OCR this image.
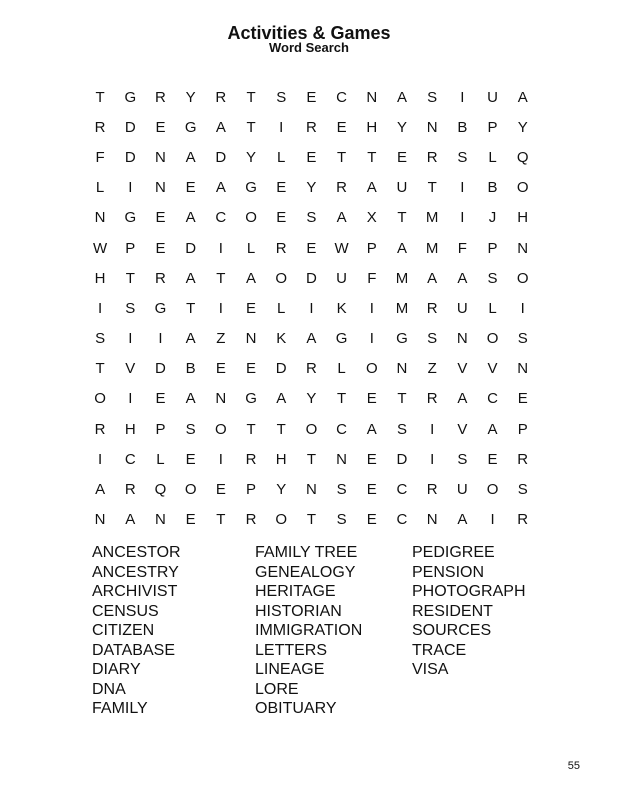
Activities & Games
Word Search
T	G	R	Y	R	T	S	E	C	N	A	S	I	U	A
R	D	E	G	A	T	I	R	E	H	Y	N	B	P	Y
F	D	N	A	D	Y	L	E	T	T	E	R	S	L	Q
L	I	N	E	A	G	E	Y	R	A	U	T	I	B	O
N	G	E	A	C	O	E	S	A	X	T	M	I	J	H
W	P	E	D	I	L	R	E	W	P	A	M	F	P	N
H	T	R	A	T	A	O	D	U	F	M	A	A	S	O
I	S	G	T	I	E	L	I	K	I	M	R	U	L	I
S	I	I	A	Z	N	K	A	G	I	G	S	N	O	S
T	V	D	B	E	E	D	R	L	O	N	Z	V	V	N
O	I	E	A	N	G	A	Y	T	E	T	R	A	C	E
R	H	P	S	O	T	T	O	C	A	S	I	V	A	P
I	C	L	E	I	R	H	T	N	E	D	I	S	E	R
A	R	Q	O	E	P	Y	N	S	E	C	R	U	O	S
N	A	N	E	T	R	O	T	S	E	C	N	A	I	R
ANCESTOR
ANCESTRY
ARCHIVIST
CENSUS
CITIZEN
DATABASE
DIARY
DNA
FAMILY
FAMILY TREE
GENEALOGY
HERITAGE
HISTORIAN
IMMIGRATION
LETTERS
LINEAGE
LORE
OBITUARY
PEDIGREE
PENSION
PHOTOGRAPH
RESIDENT
SOURCES
TRACE
VISA
55
